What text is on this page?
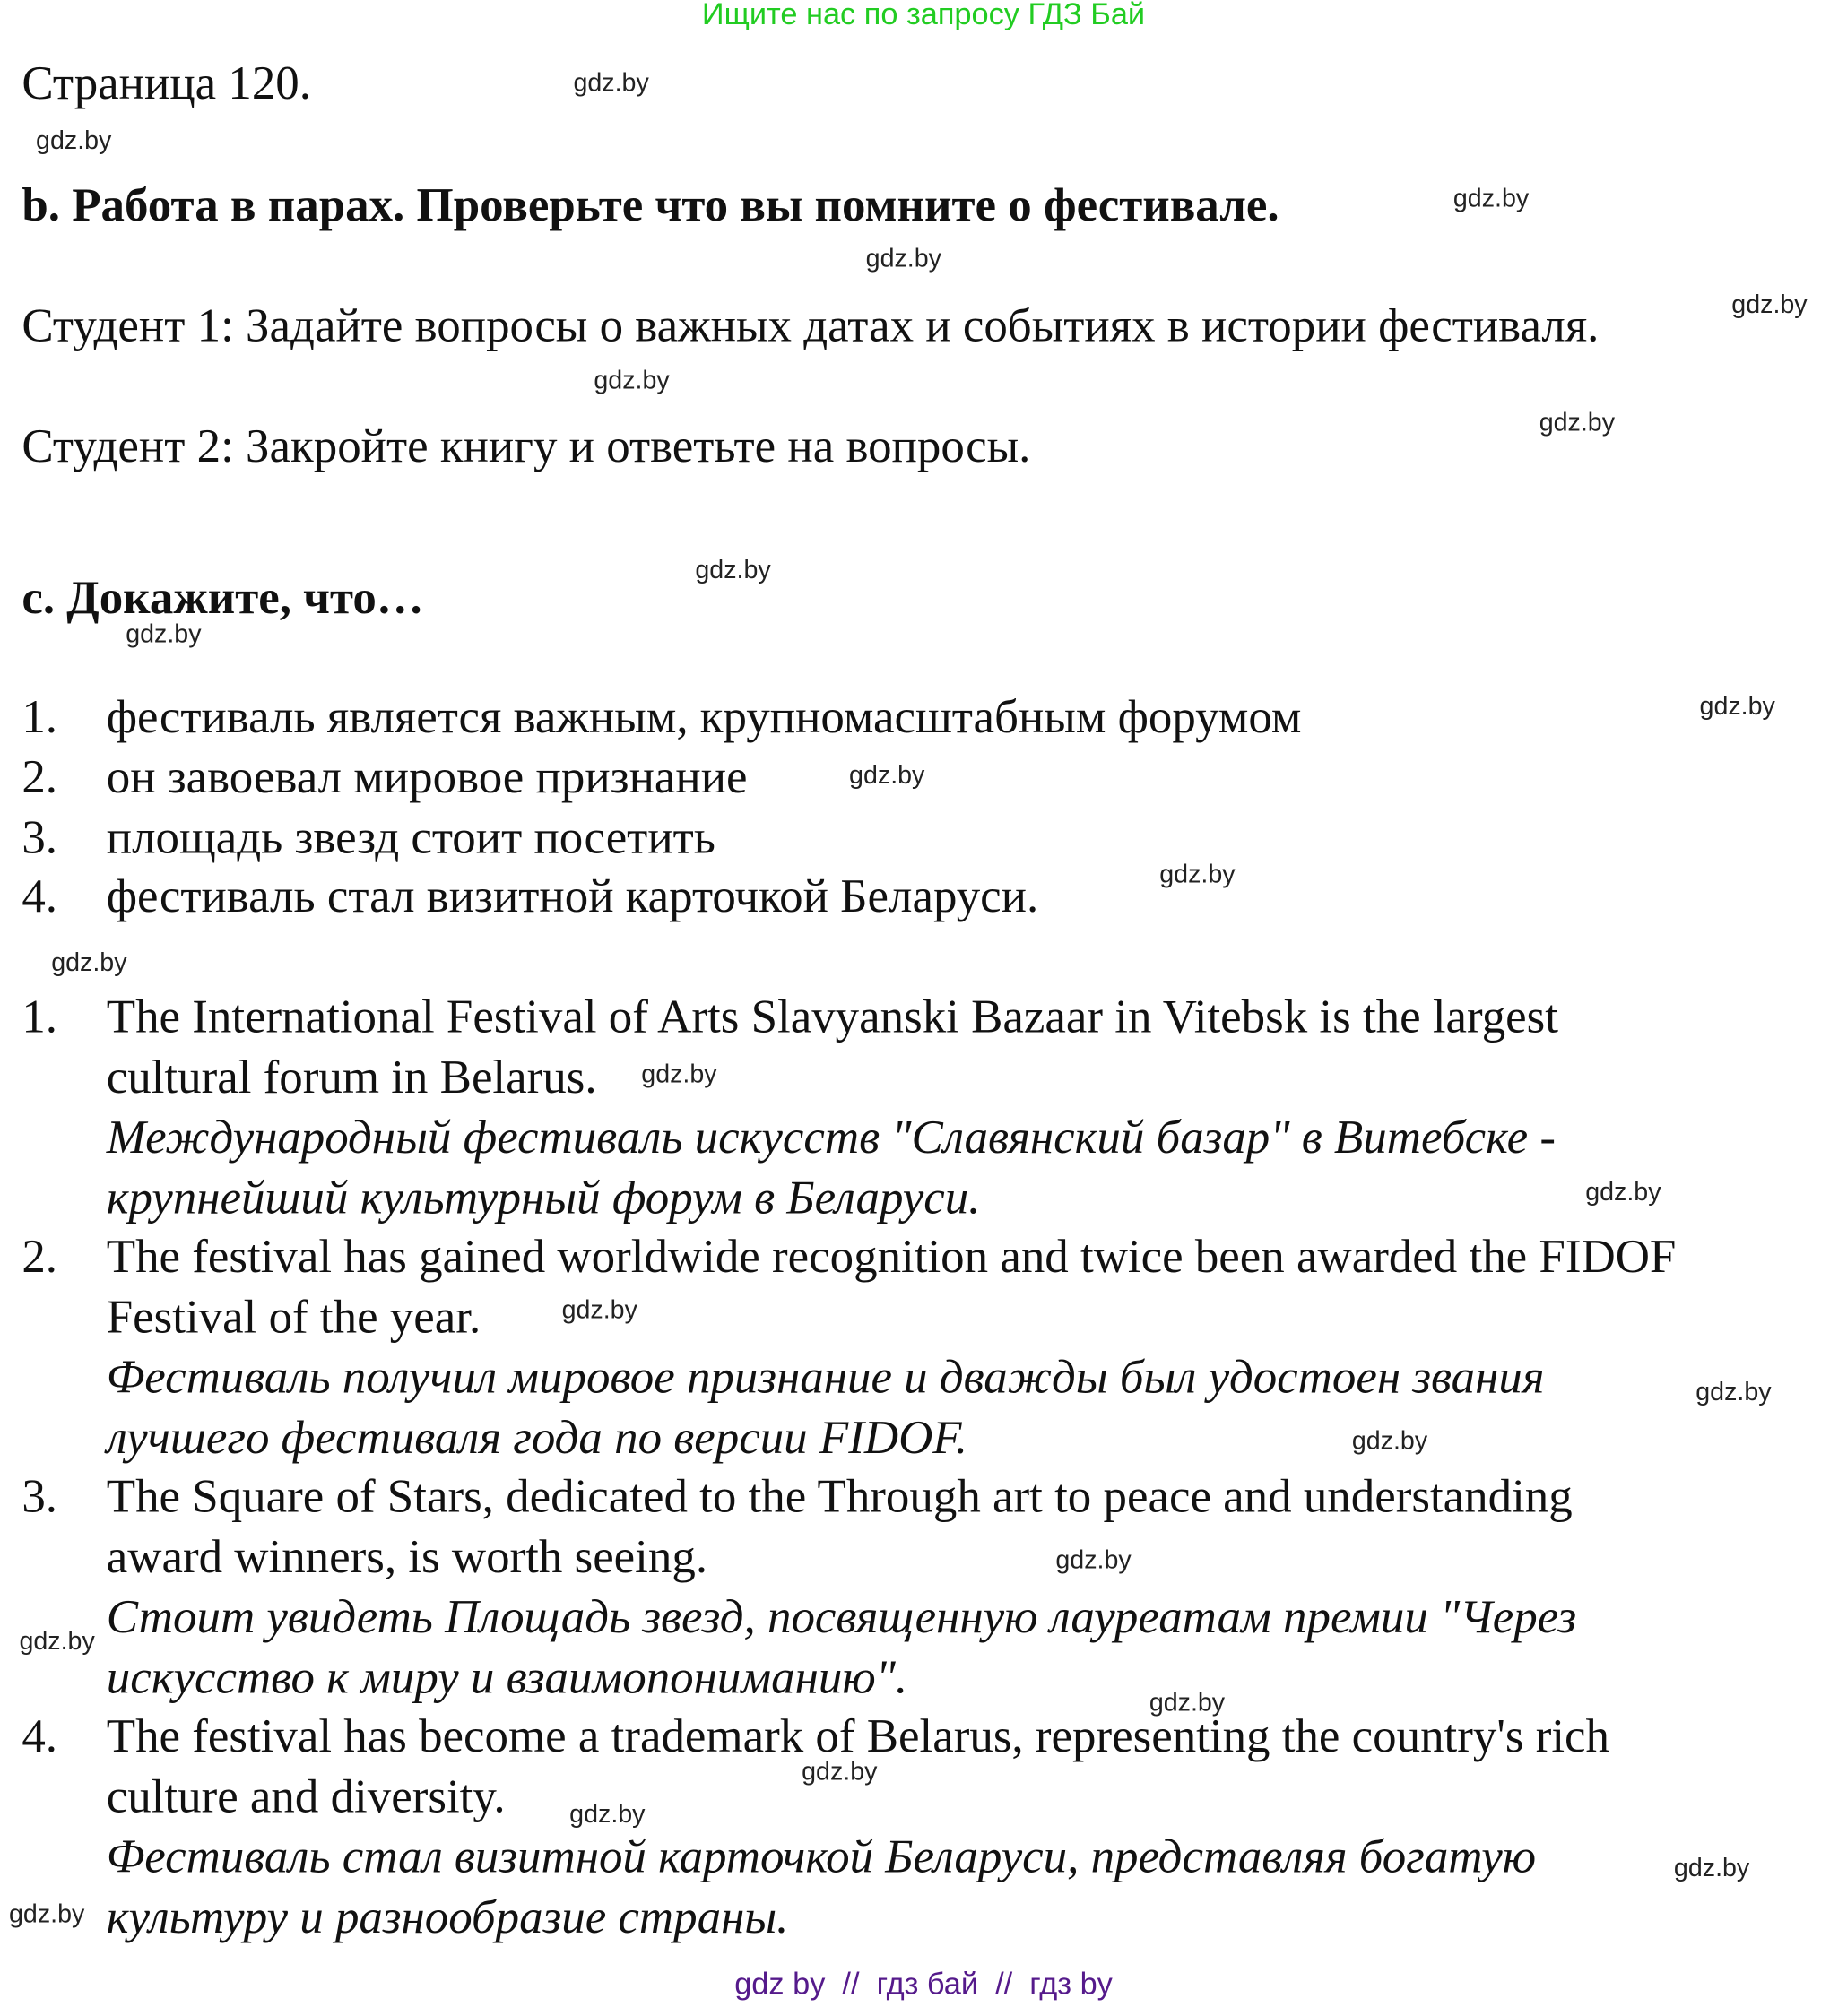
Ищите нас по запросу ГДЗ Бай
Страница 120.
b. Работа в парах. Проверьте что вы помните о фестивале.
Студент 1: Задайте вопросы о важных датах и событиях в истории фестиваля.
Студент 2: Закройте книгу и ответьте на вопросы.
c. Докажите, что…
1. фестиваль является важным, крупномасштабным форумом
2. он завоевал мировое признание
3. площадь звезд стоит посетить
4. фестиваль стал визитной карточкой Беларуси.
1. The International Festival of Arts Slavyanski Bazaar in Vitebsk is the largest
cultural forum in Belarus.
Международный фестиваль искусств "Славянский базар" в Витебске -
крупнейший культурный форум в Беларуси.
2. The festival has gained worldwide recognition and twice been awarded the FIDOF
Festival of the year.
Фестиваль получил мировое признание и дважды был удостоен звания
лучшего фестиваля года по версии FIDOF.
3. The Square of Stars, dedicated to the Through art to peace and understanding
award winners, is worth seeing.
Стоит увидеть Площадь звезд, посвященную лауреатам премии "Через
искусство к миру и взаимопониманию".
4. The festival has become a trademark of Belarus, representing the country's rich
culture and diversity.
Фестиваль стал визитной карточкой Беларуси, представляя богатую
культуру и разнообразие страны.
gdz.by
gdz.by
gdz.by
gdz.by
gdz.by
gdz.by
gdz.by
gdz.by
gdz.by
gdz.by
gdz.by
gdz.by
gdz.by
gdz.by
gdz.by
gdz.by
gdz.by
gdz.by
gdz.by
gdz.by
gdz.by
gdz.by
gdz.by
gdz.by
gdz.by
gdz by  //  гдз бай  //  гдз by
